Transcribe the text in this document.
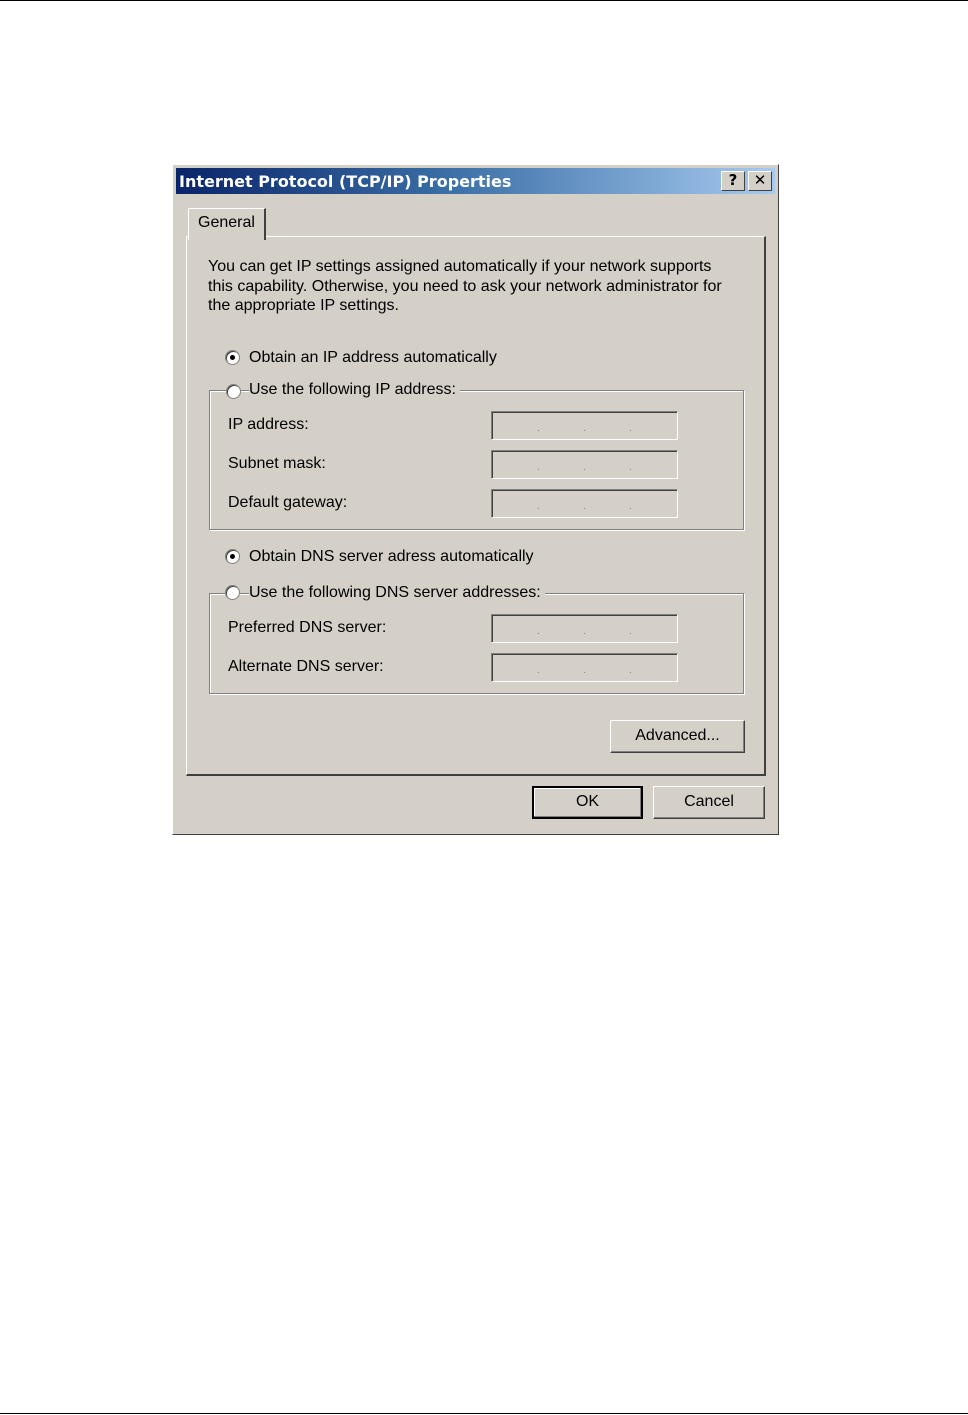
Internet Protocol (TCP/IP) Properties	?	✕
General
You can get IP settings assigned automatically if your network supports
this capability. Otherwise, you need to ask your network administrator for
the appropriate IP settings.
Obtain an IP address automatically
Use the following IP address:
IP address:	.	.	.
Subnet mask:	.	.	.
Default gateway:	.	.	.
Obtain DNS server adress automatically
Use the following DNS server addresses:
Preferred DNS server:	.	.	.
Alternate DNS server:	.	.	.
Advanced...
OK	Cancel
